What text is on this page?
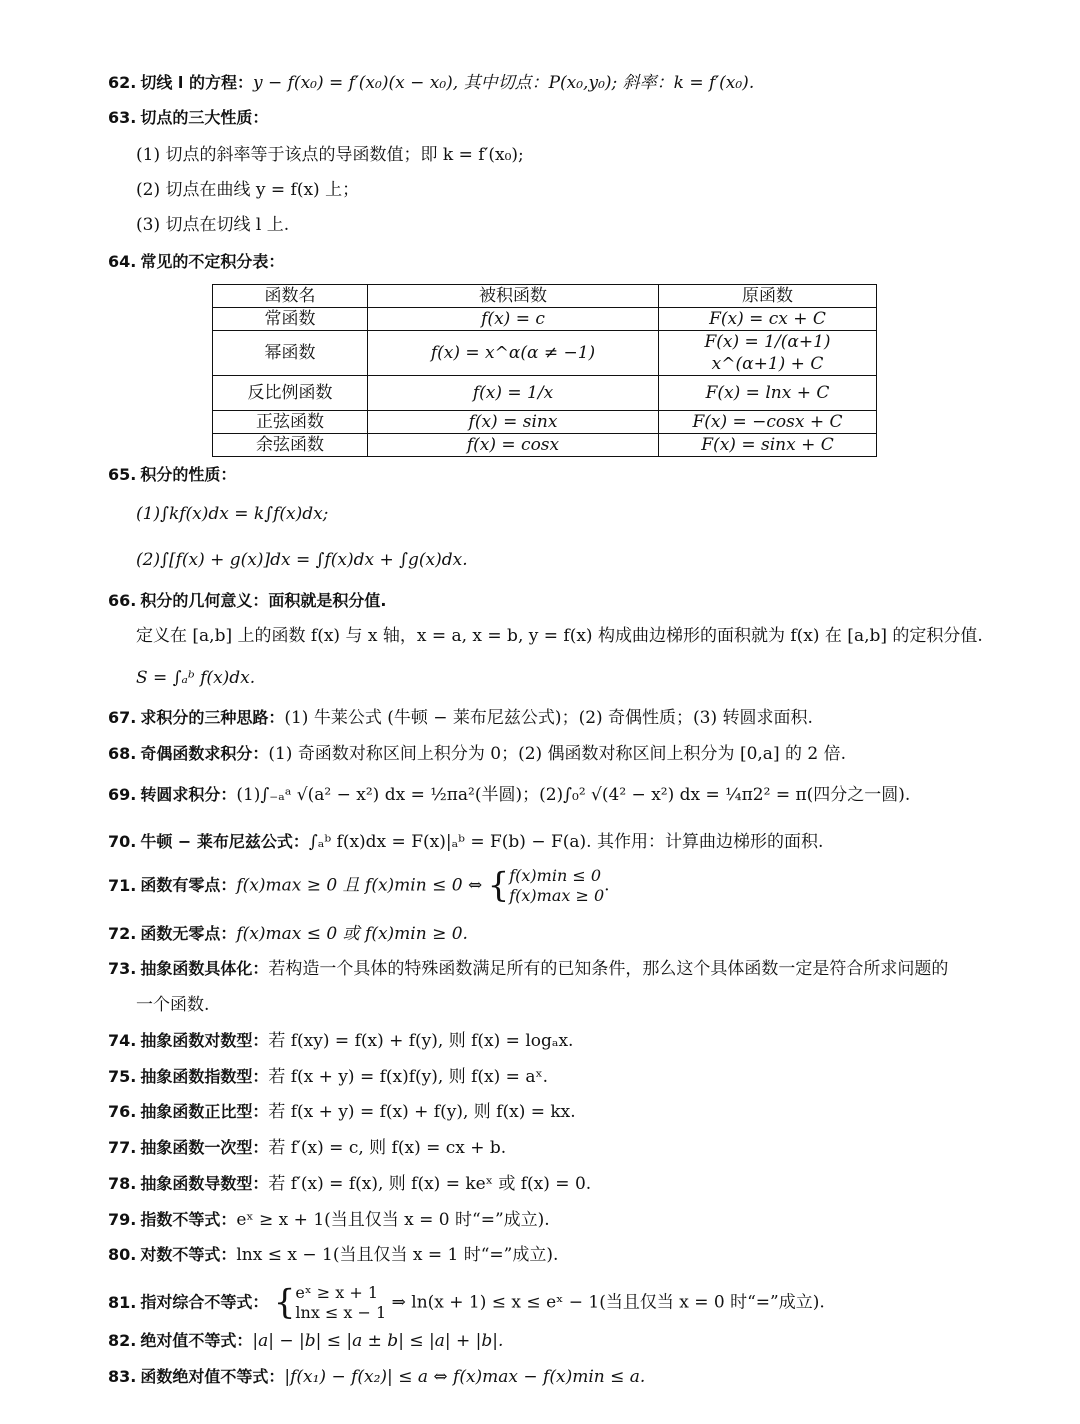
62. 切线 l 的方程：y − f(x₀) = f′(x₀)(x − x₀), 其中切点：P(x₀,y₀); 斜率：k = f′(x₀).
63. 切点的三大性质：
(1) 切点的斜率等于该点的导函数值；即 k = f′(x₀);
(2) 切点在曲线 y = f(x) 上；
(3) 切点在切线 l 上.
64. 常见的不定积分表：
函数名	被积函数	原函数
常函数	f(x) = c	F(x) = cx + C
幂函数	f(x) = x^α(α ≠ −1)	F(x) = 1/(α+1) x^(α+1) + C
反比例函数	f(x) = 1/x	F(x) = lnx + C
正弦函数	f(x) = sinx	F(x) = −cosx + C
余弦函数	f(x) = cosx	F(x) = sinx + C
65. 积分的性质：
(1)∫kf(x)dx = k∫f(x)dx;
(2)∫[f(x) + g(x)]dx = ∫f(x)dx + ∫g(x)dx.
66. 积分的几何意义：面积就是积分值.
定义在 [a,b] 上的函数 f(x) 与 x 轴，x = a, x = b, y = f(x) 构成曲边梯形的面积就为 f(x) 在 [a,b] 的定积分值.
S = ∫ₐᵇ f(x)dx.
67. 求积分的三种思路：(1) 牛莱公式 (牛顿 − 莱布尼兹公式)；(2) 奇偶性质；(3) 转圆求面积.
68. 奇偶函数求积分：(1) 奇函数对称区间上积分为 0；(2) 偶函数对称区间上积分为 [0,a] 的 2 倍.
69. 转圆求积分：(1)∫₋ₐᵃ √(a² − x²) dx = ½πa²(半圆)；(2)∫₀² √(4² − x²) dx = ¼π2² = π(四分之一圆).
70. 牛顿 − 莱布尼兹公式：∫ₐᵇ f(x)dx = F(x)|ₐᵇ = F(b) − F(a). 其作用：计算曲边梯形的面积.
71. 函数有零点：f(x)max ≥ 0 且 f(x)min ≤ 0 ⇔ { f(x)min ≤ 0
f(x)max ≥ 0 .
72. 函数无零点：f(x)max ≤ 0 或 f(x)min ≥ 0.
73. 抽象函数具体化：若构造一个具体的特殊函数满足所有的已知条件，那么这个具体函数一定是符合所求问题的
一个函数.
74. 抽象函数对数型：若 f(xy) = f(x) + f(y), 则 f(x) = logₐx.
75. 抽象函数指数型：若 f(x + y) = f(x)f(y), 则 f(x) = aˣ.
76. 抽象函数正比型：若 f(x + y) = f(x) + f(y), 则 f(x) = kx.
77. 抽象函数一次型：若 f′(x) = c, 则 f(x) = cx + b.
78. 抽象函数导数型：若 f′(x) = f(x), 则 f(x) = keˣ 或 f(x) = 0.
79. 指数不等式：eˣ ≥ x + 1(当且仅当 x = 0 时“=”成立).
80. 对数不等式：lnx ≤ x − 1(当且仅当 x = 1 时“=”成立).
81. 指对综合不等式： { eˣ ≥ x + 1
lnx ≤ x − 1 ⇒ ln(x + 1) ≤ x ≤ eˣ − 1(当且仅当 x = 0 时“=”成立).
82. 绝对值不等式：|a| − |b| ≤ |a ± b| ≤ |a| + |b|.
83. 函数绝对值不等式：|f(x₁) − f(x₂)| ≤ a ⇔ f(x)max − f(x)min ≤ a.
